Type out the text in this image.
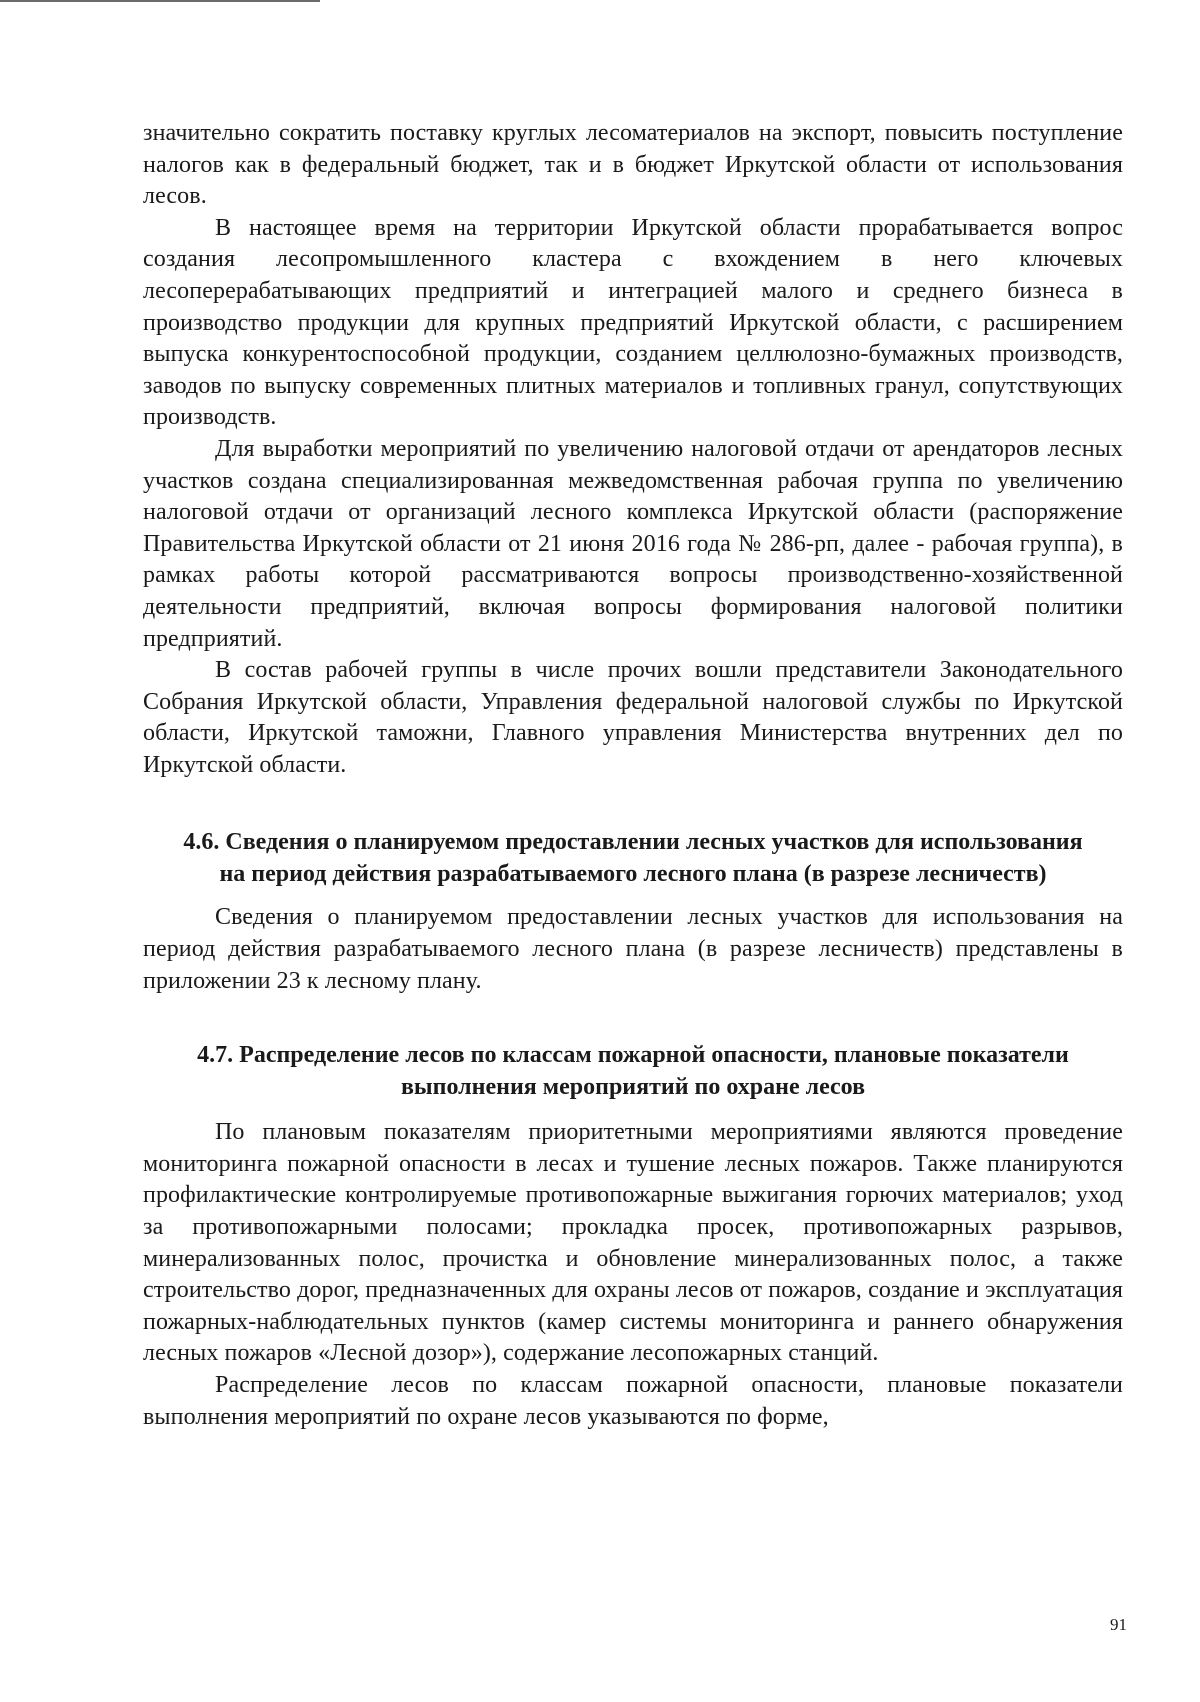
значительно сократить поставку круглых лесоматериалов на экспорт, повысить поступление налогов как в федеральный бюджет, так и в бюджет Иркутской области от использования лесов.

В настоящее время на территории Иркутской области прорабатывается вопрос создания лесопромышленного кластера с вхождением в него ключевых лесоперерабатывающих предприятий и интеграцией малого и среднего бизнеса в производство продукции для крупных предприятий Иркутской области, с расширением выпуска конкурентоспособной продукции, созданием целлюлозно-бумажных производств, заводов по выпуску современных плитных материалов и топливных гранул, сопутствующих производств.

Для выработки мероприятий по увеличению налоговой отдачи от арендаторов лесных участков создана специализированная межведомственная рабочая группа по увеличению налоговой отдачи от организаций лесного комплекса Иркутской области (распоряжение Правительства Иркутской области от 21 июня 2016 года № 286-рп, далее - рабочая группа), в рамках работы которой рассматриваются вопросы производственно-хозяйственной деятельности предприятий, включая вопросы формирования налоговой политики предприятий.

В состав рабочей группы в числе прочих вошли представители Законодательного Собрания Иркутской области, Управления федеральной налоговой службы по Иркутской области, Иркутской таможни, Главного управления Министерства внутренних дел по Иркутской области.

4.6. Сведения о планируемом предоставлении лесных участков для использования на период действия разрабатываемого лесного плана (в разрезе лесничеств)

Сведения о планируемом предоставлении лесных участков для использования на период действия разрабатываемого лесного плана (в разрезе лесничеств) представлены в приложении 23 к лесному плану.

4.7. Распределение лесов по классам пожарной опасности, плановые показатели выполнения мероприятий по охране лесов

По плановым показателям приоритетными мероприятиями являются проведение мониторинга пожарной опасности в лесах и тушение лесных пожаров. Также планируются профилактические контролируемые противопожарные выжигания горючих материалов; уход за противопожарными полосами; прокладка просек, противопожарных разрывов, минерализованных полос, прочистка и обновление минерализованных полос, а также строительство дорог, предназначенных для охраны лесов от пожаров, создание и эксплуатация пожарных-наблюдательных пунктов (камер системы мониторинга и раннего обнаружения лесных пожаров «Лесной дозор»), содержание лесопожарных станций.

Распределение лесов по классам пожарной опасности, плановые показатели выполнения мероприятий по охране лесов указываются по форме,

91
